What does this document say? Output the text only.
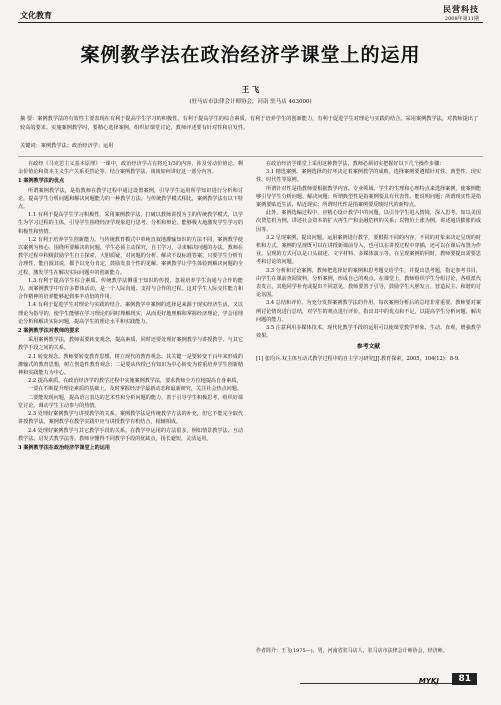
文化教育
民营科技
2008年第11期
案例教学法在政治经济学课堂上的运用
王 飞
(驻马店市法律会计师协会，河南 驻马店 463000)
摘 要：案例教学法的有效性主要表现在有利于提高学生学习的积极性，有利于提高学生的综合素质，有利于培养学生的创新能力，有利于促进学生对理论与实践的结合。采用案例教学法，对教师提出了较高的要求。实施案例教学时，要精心选择案例，组织好课堂讨论，教师评述要有针对性和启发性。
关键词：案例教学法；政治经济学；运用

在政经《马克思主义基本原理》一课中，政治经济学占有将近1/3的内容，涉及劳动价值论、剩余价值论和资本主义生产关系更替论等。结合案例教学法，谈谈如何讲好这一部分内容。

1 案例教学法的优点

所谓案例教学法，是指教师在教学过程中通过设置案例，引导学生运用所学知识进行分析和讨论，提高学生分析问题和解决问题能力的一种教学方法。与传统教学模式相比，案例教学法有以下特点。

1.1 有利于提高学生学习积极性。采用案例教学法，打破以教师讲授为主的传统教学模式，以学生为学习过程的主体，引导学生围绕经济学现象进行思考、分析和辩论，能够极大地激发学生学习的积极性和热情。

1.2 有利于培养学生创新能力。与传统教育模式中单纯直叙地灌输知识的方法不同，案例教学使以案例为核心，围绕所要解决的问题，学生必须主动探究，自主学习，寻求解决问题的办法。教师在教学过程中积极鼓励学生自主探索，大胆质疑，对问题的分析、解决不设标准答案。只要学生分析有合理性、能自圆其说，都予以充分肯定，鼓励发表个性的见解。案例教学让学生体验到解决问题的全过程，激发学生在解决实际问题中的创新能力。

1.3 有利于提高学生综合素质。传统教学法侧重于知识的传授，忽视培养学生沟通与合作的能力。而案例教学中有许多群体活动，是一个人际沟通、支持与合作的过程。这对学生人际交往能力和合作精神的培养能够起到事半功倍的作用。

1.4 有利于促进学生对理论与实践的结合。案例教学中案例的选择是来源于现实经济生活，又以理论为指导的，使学生能够在学习理论的同时理解现实，从而更好地理解和掌握经济理论，学会用理论分析和解决实际问题，提高学生的理论水平和实践能力。

2 案例教学法对教师的要求

采用案例教学法，教师需要转变观念，提高素质，同时还要处理好案例教学与讲授教学、与其它教学手段之间的关系。

2.1 转变观念。教师要转变教育思想，树立现代的教育观念。其关键一是要转变千百年来形成的灌输式的教育思想，树立创造性教育观念；二是要从传授已有知识为中心转变为着重培养学生创新精神和实践能力为中心。

2.2 提高素质。在政治经济学的教学过程中实施案例教学法，要求教师全方位地提高自身素质。

一要在不断提升理论素质的基础上，及时掌握经济学最新动态和最新研究，关注社会热点问题。

二要能发现问题，提高语言表达的艺术性和分析问题的能力，善于引导学生积极思考，组织好课堂讨论，调动学生主动参与的热情。

2.3 处理好案例教学与讲授教学的关系。案例教学法是传统教学方法的补充，但它不能完全取代讲授教学法。案例教学在教学实践中应与讲授教学有机结合，相辅相成。

2.4 处理好案例教学与其它教学手段的关系。在教学中运用的方法很多，例如情景教学法、互动教学法、启发式教学法等。教师应懂得不同教学手段的优缺点，扬长避短，灵活运用。

3 案例教学法在政治经济学课堂上的运用

在政治经济学课堂上采用这种教学法，教师必须切实把握好以下几个操作步骤：

3.1 精选案例。案例选择的好坏决定着案例教学的成败。选择案例要遵循针对性、典型性、现实性、时代性等原则。

所谓针对性是指教师要根据教学内容、专业领域、学生的生理和心理特点来选择案例，使案例能够引导学生分析问题、解决问题；所谓典型性是指案例要具有代表性、能说明问题；所谓现实性是指案例要贴近生活、贴近现实；所谓时代性是指案例要反映时代的新特点。

此外，案例选编过程中，应精心设计教学中的问题，以引导学生进入情境，深入思考。如以美国次贷危机为例，讲述社会资本的扩大再生产和金融危机的关系；以物价上涨为例，讲述通货膨胀的成因等。

3.2 呈现案例，提出问题。运用案例进行教学，要根据不同的内容，不同的对象来决定呈现的时机和方式。案例的呈现既可以在讲授新课前导入，也可以在讲授过程中穿插，还可以在课后布置为作业。呈现的方式可以是口头叙述、文字材料、多媒体演示等。在呈现案例的同时，教师要提出需要思考和讨论的问题。

3.3 分析和讨论案例。教师把选择好的案例和思考题交给学生，并提出思考题，指定参考书目，由学生在课前查阅资料，分析案例，形成自己的观点。在课堂上，教师组织学生分组讨论，各组派代表发言，其他同学补充或提出不同意见。教师要善于引导，鼓励学生大胆发言，营造民主、和谐的讨论氛围。

3.4 总结和评价。为充分发挥案例教学法的作用，每次案例分析后的总结非常重要。教师要对案例讨论情况进行总结，对学生的观点进行评价，指出其中的优点和不足，以提高学生分析问题、解决问题的能力。

3.5 注意利用多媒体技术。现代化教学手段的运用可以使课堂教学形象、生动、直观，增强教学效果。

参考文献

[1] 张均兵.双主体互动式教学过程中的自主学习研究[J].教育探索，2005，104(12)：8-9.

作者简介：王飞(1975—)，男，河南省驻马店人，驻马店市法律会计师协会，经济师。
MYKJ	81
